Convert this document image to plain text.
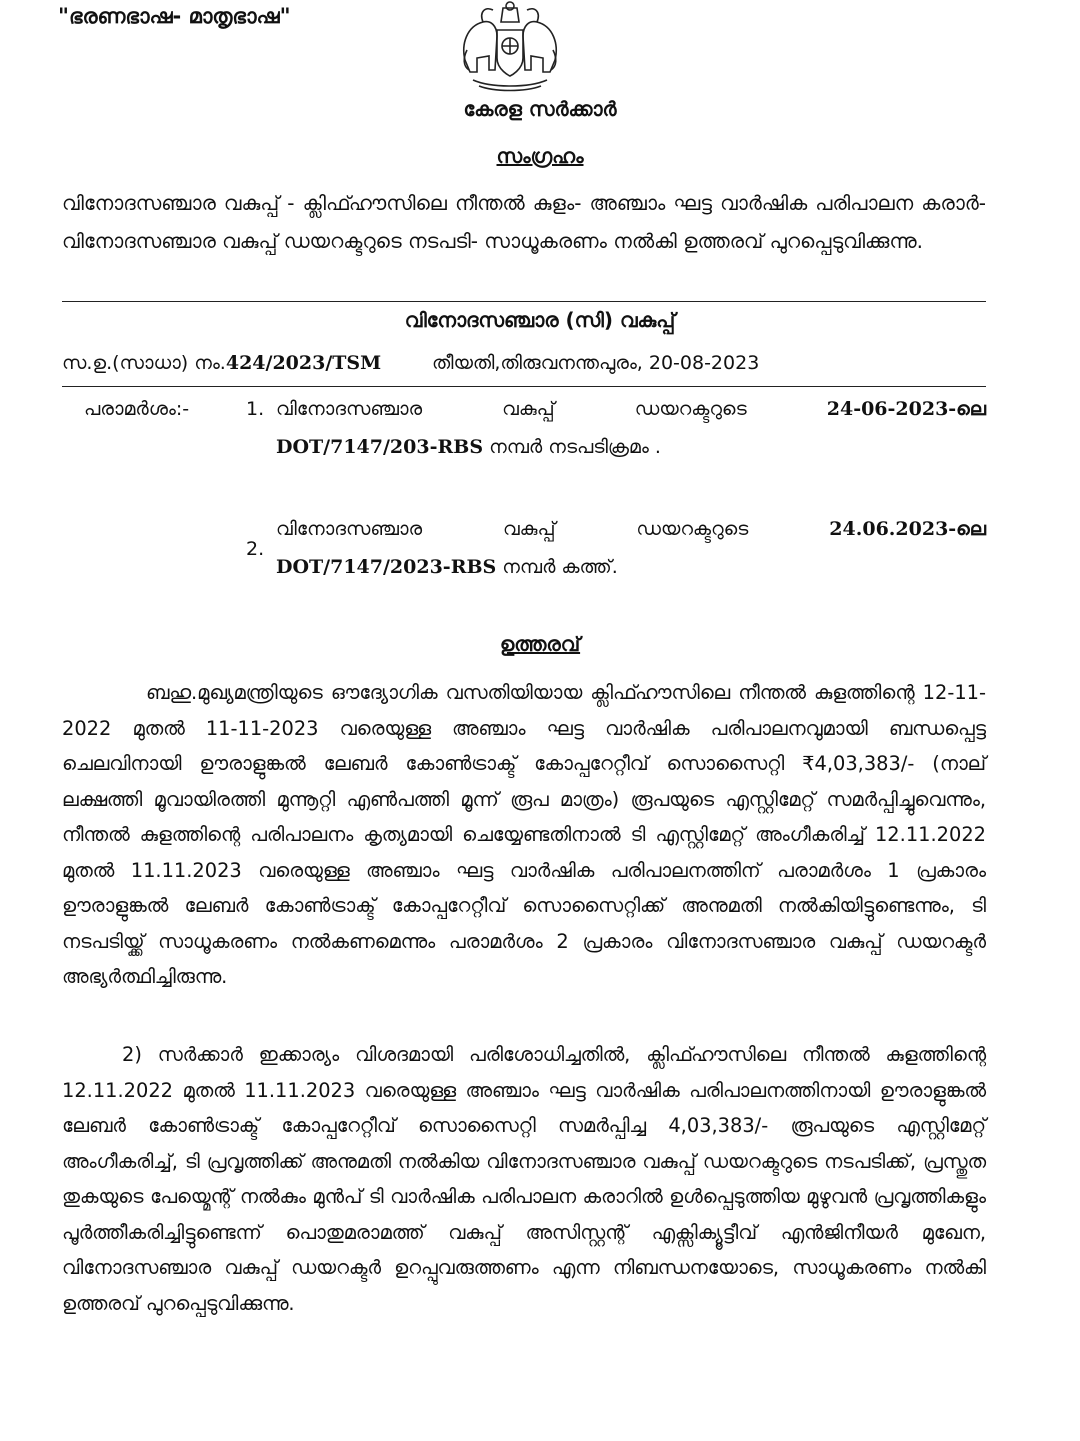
"ഭരണഭാഷ- മാതൃഭാഷ"
കേരള സർക്കാർ
സംഗ്രഹം
വിനോദസഞ്ചാര വകുപ്പ് - ക്ലിഫ്ഹൗസിലെ നീന്തൽ കുളം- അഞ്ചാം ഘട്ട വാർഷിക പരിപാലന കരാർ-വിനോദസഞ്ചാര വകുപ്പ് ഡയറക്ടറുടെ നടപടി- സാധൂകരണം നൽകി ഉത്തരവ് പുറപ്പെടുവിക്കുന്നു.
വിനോദസഞ്ചാര (സി) വകുപ്പ്
സ.ഉ.(സാധാ) നം.424/2023/TSM	തീയതി,തിരുവനന്തപുരം, 20-08-2023
പരാമർശം:-	1. വിനോദസഞ്ചാര	വകുപ്പ്	ഡയറക്ടറുടെ	24-06-2023-ലെ
DOT/7147/203-RBS നമ്പർ നടപടിക്രമം .
2.
വിനോദസഞ്ചാര	വകുപ്പ്	ഡയറക്ടറുടെ	24.06.2023-ലെ
DOT/7147/2023-RBS നമ്പർ കത്ത്.
ഉത്തരവ്
ബഹു.മുഖ്യമന്ത്രിയുടെ ഔദ്യോഗിക വസതിയിയായ ക്ലിഫ്ഹൗസിലെ നീന്തൽ കുളത്തിന്റെ 12-11-2022 മുതൽ 11-11-2023 വരെയുള്ള അഞ്ചാം ഘട്ട വാർഷിക പരിപാലനവുമായി ബന്ധപ്പെട്ട ചെലവിനായി ഊരാളുങ്കൽ ലേബർ കോൺട്രാക്ട് കോപ്പറേറ്റീവ് സൊസൈറ്റി ₹4,03,383/- (നാല് ലക്ഷത്തി മൂവായിരത്തി മുന്നൂറ്റി എൺപത്തി മൂന്ന് രൂപ മാത്രം) രൂപയുടെ എസ്റ്റിമേറ്റ് സമർപ്പിച്ചുവെന്നും, നീന്തൽ കുളത്തിന്റെ പരിപാലനം കൃത്യമായി ചെയ്യേണ്ടതിനാൽ ടി എസ്റ്റിമേറ്റ് അംഗീകരിച്ച് 12.11.2022 മുതൽ 11.11.2023 വരെയുള്ള അഞ്ചാം ഘട്ട വാർഷിക പരിപാലനത്തിന് പരാമർശം 1 പ്രകാരം ഊരാളുങ്കൽ ലേബർ കോൺട്രാക്ട് കോപ്പറേറ്റീവ് സൊസൈറ്റിക്ക് അനുമതി നൽകിയിട്ടുണ്ടെന്നും, ടി നടപടിയ്ക്ക് സാധൂകരണം നൽകണമെന്നും പരാമർശം 2 പ്രകാരം വിനോദസഞ്ചാര വകുപ്പ് ഡയറക്ടർ അഭ്യർത്ഥിച്ചിരുന്നു.
2) സർക്കാർ ഇക്കാര്യം വിശദമായി പരിശോധിച്ചതിൽ, ക്ലിഫ്ഹൗസിലെ നീന്തൽ കുളത്തിന്റെ 12.11.2022 മുതൽ 11.11.2023 വരെയുള്ള അഞ്ചാം ഘട്ട വാർഷിക പരിപാലനത്തിനായി ഊരാളുങ്കൽ ലേബർ കോൺട്രാക്ട് കോപ്പറേറ്റീവ് സൊസൈറ്റി സമർപ്പിച്ച 4,03,383/- രൂപയുടെ എസ്റ്റിമേറ്റ് അംഗീകരിച്ച്, ടി പ്രവൃത്തിക്ക് അനുമതി നൽകിയ വിനോദസഞ്ചാര വകുപ്പ് ഡയറക്ടറുടെ നടപടിക്ക്, പ്രസ്തുത തുകയുടെ പേയ്മെന്റ് നൽകും മുൻപ് ടി വാർഷിക പരിപാലന കരാറിൽ ഉൾപ്പെടുത്തിയ മുഴുവൻ പ്രവൃത്തികളും പൂർത്തീകരിച്ചിട്ടുണ്ടെന്ന് പൊതുമരാമത്ത് വകുപ്പ് അസിസ്റ്റന്റ് എക്സിക്യൂട്ടീവ് എൻജിനീയർ മുഖേന, വിനോദസഞ്ചാര വകുപ്പ് ഡയറക്ടർ ഉറപ്പുവരുത്തണം എന്ന നിബന്ധനയോടെ, സാധൂകരണം നൽകി ഉത്തരവ് പുറപ്പെടുവിക്കുന്നു.
